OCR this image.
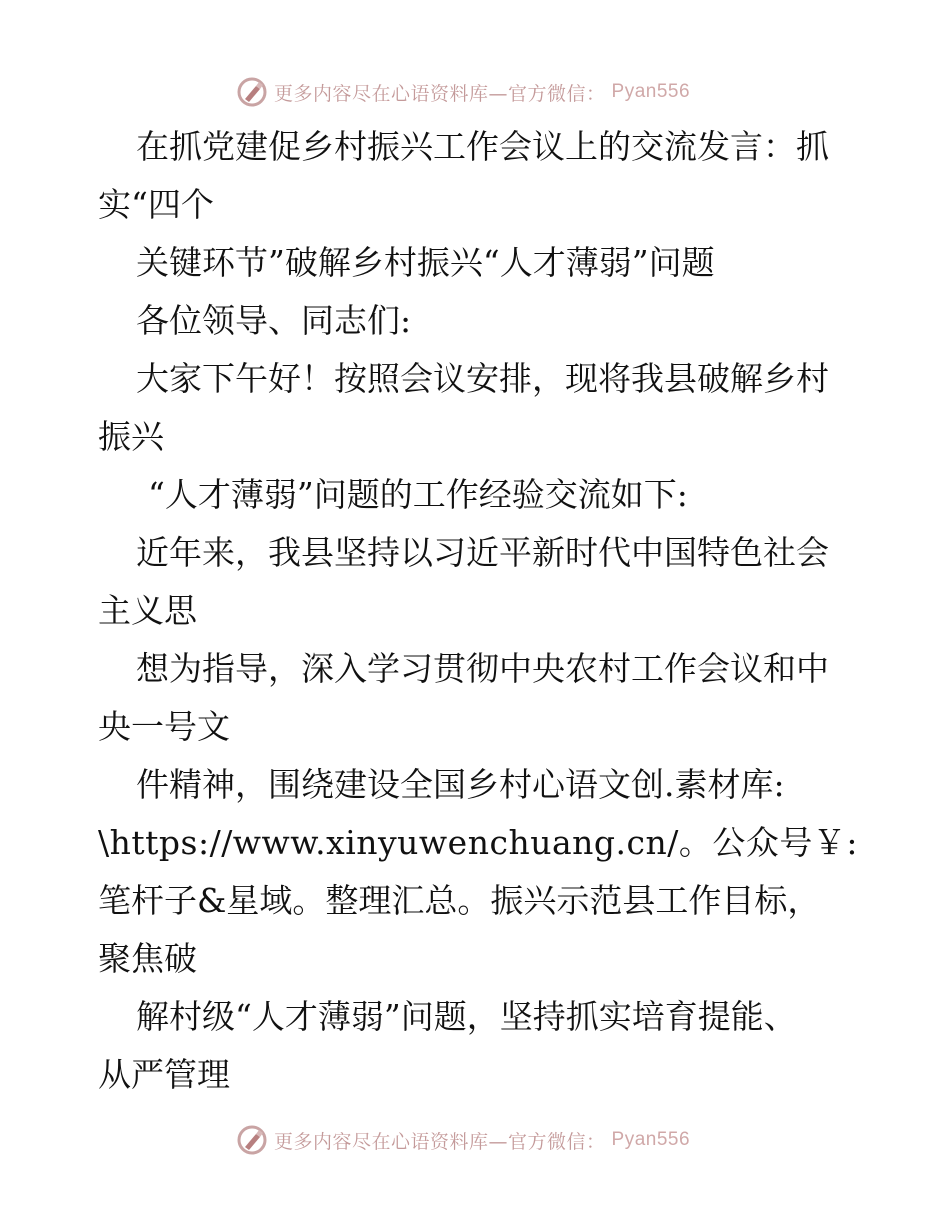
更多内容尽在心语资料库—官方微信： Pyan556
在抓党建促乡村振兴工作会议上的交流发言：抓
实“四个
关键环节”破解乡村振兴“人才薄弱”问题
各位领导、同志们:
大家下午好！按照会议安排，现将我县破解乡村
振兴
“人才薄弱”问题的工作经验交流如下:
近年来，我县坚持以习近平新时代中国特色社会
主义思
想为指导，深入学习贯彻中央农村工作会议和中
央一号文
件精神，围绕建设全国乡村心语文创.素材库:
\https://www.xinyuwenchuang.cn/。公众号￥:
笔杆子&星域。整理汇总。振兴示范县工作目标，
聚焦破
解村级“人才薄弱”问题，坚持抓实培育提能、
从严管理
更多内容尽在心语资料库—官方微信： Pyan556
